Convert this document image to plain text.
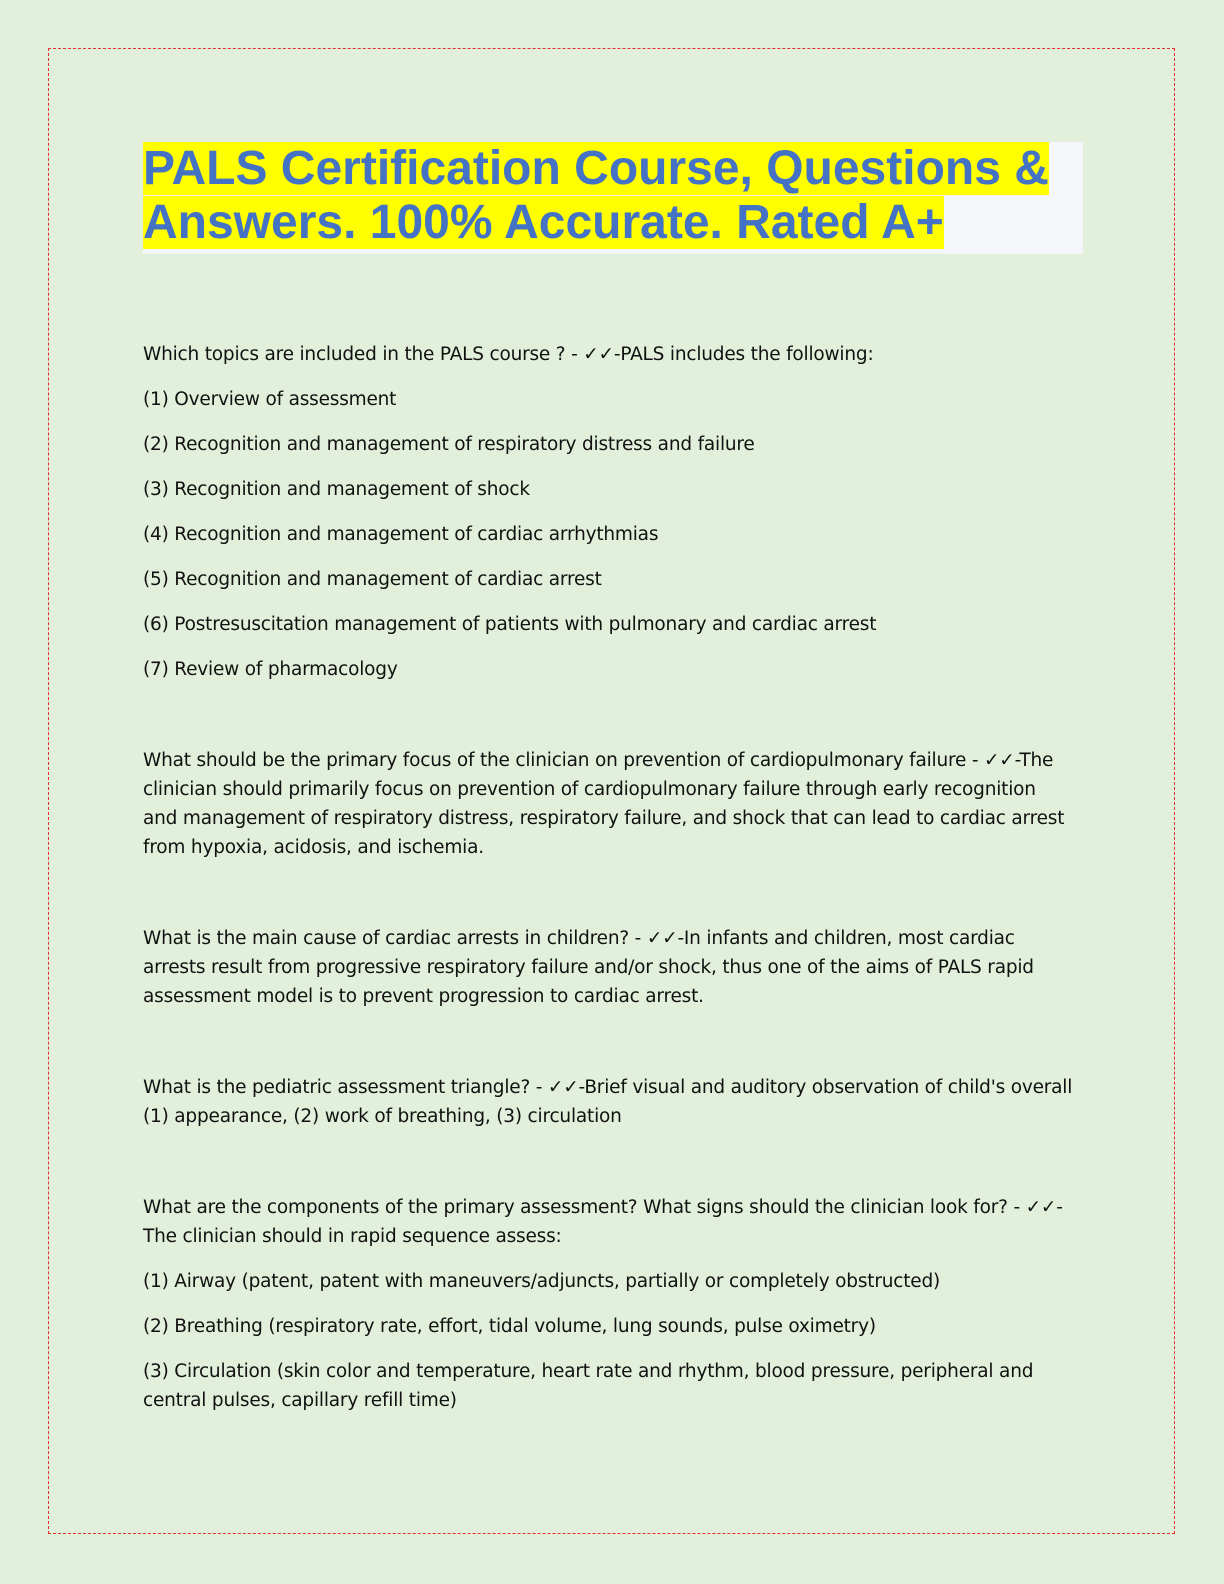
PALS Certification Course, Questions &
Answers. 100% Accurate. Rated A+

Which topics are included in the PALS course ? - ✓✓-PALS includes the following:

(1) Overview of assessment

(2) Recognition and management of respiratory distress and failure

(3) Recognition and management of shock

(4) Recognition and management of cardiac arrhythmias

(5) Recognition and management of cardiac arrest

(6) Postresuscitation management of patients with pulmonary and cardiac arrest

(7) Review of pharmacology

What should be the primary focus of the clinician on prevention of cardiopulmonary failure - ✓✓-The clinician should primarily focus on prevention of cardiopulmonary failure through early recognition and management of respiratory distress, respiratory failure, and shock that can lead to cardiac arrest from hypoxia, acidosis, and ischemia.

What is the main cause of cardiac arrests in children? - ✓✓-In infants and children, most cardiac arrests result from progressive respiratory failure and/or shock, thus one of the aims of PALS rapid assessment model is to prevent progression to cardiac arrest.

What is the pediatric assessment triangle? - ✓✓-Brief visual and auditory observation of child's overall (1) appearance, (2) work of breathing, (3) circulation

What are the components of the primary assessment? What signs should the clinician look for? - ✓✓-The clinician should in rapid sequence assess:

(1) Airway (patent, patent with maneuvers/adjuncts, partially or completely obstructed)

(2) Breathing (respiratory rate, effort, tidal volume, lung sounds, pulse oximetry)

(3) Circulation (skin color and temperature, heart rate and rhythm, blood pressure, peripheral and central pulses, capillary refill time)
